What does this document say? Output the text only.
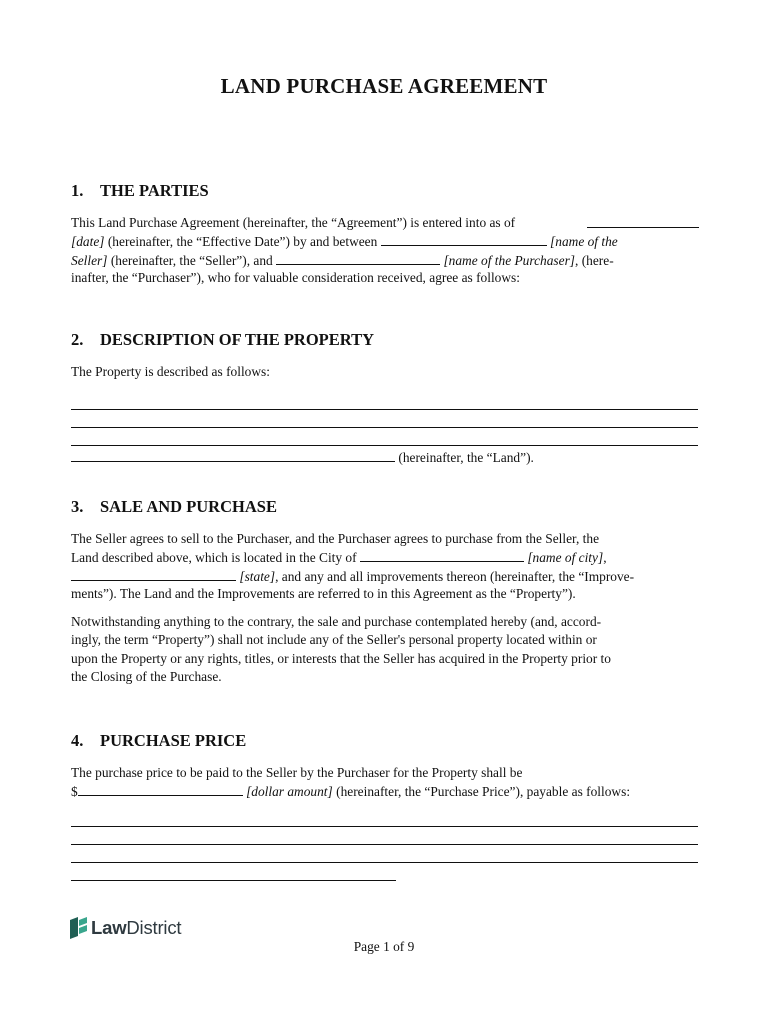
LAND PURCHASE AGREEMENT
1.	THE PARTIES
This Land Purchase Agreement (hereinafter, the “Agreement”) is entered into as of
[date] (hereinafter, the “Effective Date”) by and between	[name of the
Seller] (hereinafter, the “Seller”), and	[name of the Purchaser], (here-
inafter, the “Purchaser”), who for valuable consideration received, agree as follows:
2.	DESCRIPTION OF THE PROPERTY
The Property is described as follows:
(hereinafter, the “Land”).
3.	SALE AND PURCHASE
The Seller agrees to sell to the Purchaser, and the Purchaser agrees to purchase from the Seller, the
Land described above, which is located in the City of	[name of city],
[state], and any and all improvements thereon (hereinafter, the “Improve-
ments”). The Land and the Improvements are referred to in this Agreement as the “Property”).
Notwithstanding anything to the contrary, the sale and purchase contemplated hereby (and, accord-
ingly, the term “Property”) shall not include any of the Seller's personal property located within or
upon the Property or any rights, titles, or interests that the Seller has acquired in the Property prior to
the Closing of the Purchase.
4.	PURCHASE PRICE
The purchase price to be paid to the Seller by the Purchaser for the Property shall be
$	[dollar amount] (hereinafter, the “Purchase Price”), payable as follows:
LawDistrict
Page 1 of 9
